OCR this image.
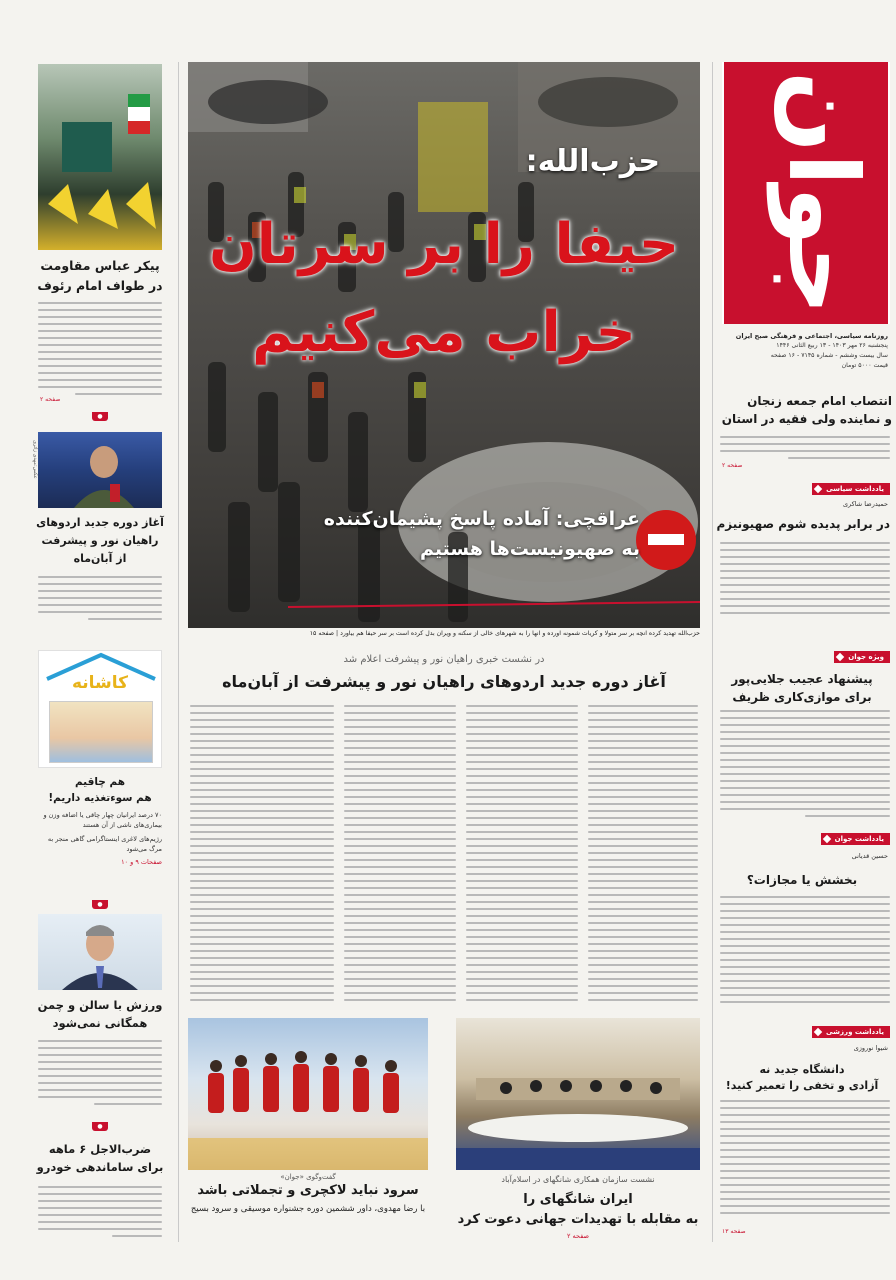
جوان
روزنامه سیاسی، اجتماعی و فرهنگی صبح ایران
پنجشنبه ۲۶ مهر ۱۴۰۳ - ۱۳ ربیع الثانی ۱۴۴۶
سال بیست وششم - شماره ۷۱۴۵ - ۱۶ صفحه
قیمت ۵۰۰۰ تومان
انتصاب امام جمعه زنجان
و نماینده ولی فقیه در استان
صفحه ۲
یادداشت سیاسی
حمیدرضا شاکری
در برابر پدیده شوم صهیونیزم
ویژه جوان
پیشنهاد عجیب جلایی‌پور
برای موازی‌کاری ظریف
یادداشت جوان
حسین قدیانی
بخشش یا مجازات؟
یادداشت ورزشی
شیوا نوروزی
دانشگاه جدید نه
آزادی و تخفی را تعمیر کنید!
صفحه ۱۳
حزب‌الله:
حیفا را بر سرتان
خراب می‌کنیم
عراقچی: آماده پاسخ پشیمان‌کننده
به صهیونیست‌ها هستیم
حزب‌الله تهدید کرده آنچه بر سر متولا و کریات شمونه آورده و آنها را به شهرهای خالی از سکنه و ویران بدل کرده است بر سر حیفا هم بیاورد | صفحه ۱۵
در نشست خبری راهیان نور و پیشرفت اعلام شد
آغاز دوره جدید اردوهای راهیان نور و پیشرفت از آبان‌ماه
گفت‌وگوی «جوان»
سرود نباید لاکچری و تجملاتی باشد
با رضا مهدوی، داور ششمین دوره جشنواره موسیقی و سرود بسیج
نشست سازمان همکاری شانگهای در اسلام‌آباد
ایران شانگهای را
به مقابله با تهدیدات جهانی دعوت کرد
صفحه ۲
پیکر عباس مقاومت
در طواف امام رئوف
صفحه ۲
●
عکس:مهدی زائری
آغاز دوره جدید اردوهای
راهیان نور و پیشرفت
از آبان‌ماه
کاشانه
هم چاقیم
هم سوءتغذیه داریم!
۷۰ درصد ایرانیان چهار چاقی یا اضافه وزن و بیماری‌های ناشی از آن هستند
رژیم‌های لاغری اینستاگرامی گاهی منجر به مرگ می‌شود
صفحات ۹ و ۱۰
●
ورزش با سالن و چمن
همگانی نمی‌شود
●
ضرب‌الاجل ۶ ماهه
برای ساماندهی خودرو
